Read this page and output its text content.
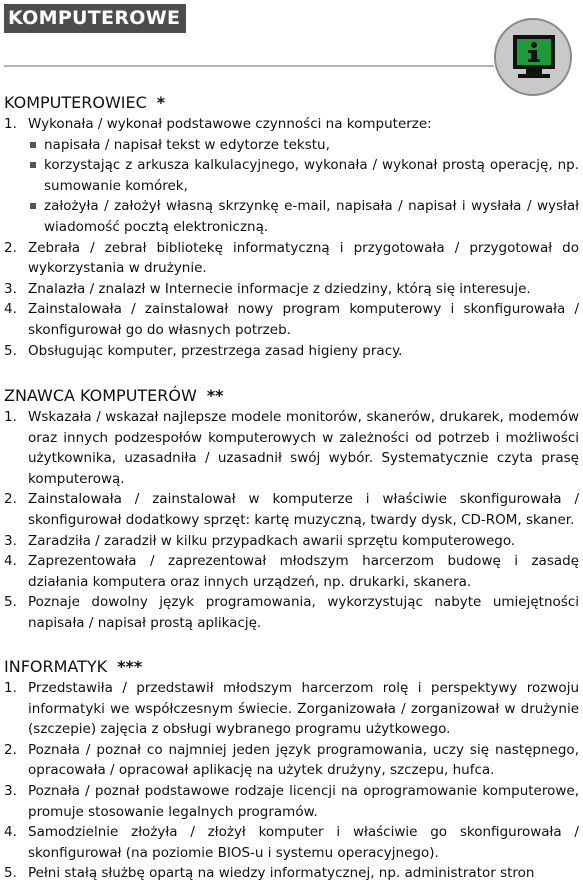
KOMPUTEROWE
KOMPUTEROWIEC *
1. Wykonała / wykonał podstawowe czynności na komputerze:
napisała / napisał tekst w edytorze tekstu,
korzystając z arkusza kalkulacyjnego, wykonała / wykonał prostą operację, np. sumowanie komórek,
założyła / założył własną skrzynkę e-mail, napisała / napisał i wysłała / wysłał wiadomość pocztą elektroniczną.
2. Zebrała / zebrał bibliotekę informatyczną i przygotowała / przygotował do wykorzystania w drużynie.
3. Znalazła / znalazł w Internecie informacje z dziedziny, którą się interesuje.
4. Zainstalowała / zainstalował nowy program komputerowy i skonfigurowała / skonfigurował go do własnych potrzeb.
5. Obsługując komputer, przestrzega zasad higieny pracy.
ZNAWCA KOMPUTERÓW **
1. Wskazała / wskazał najlepsze modele monitorów, skanerów, drukarek, modemów oraz innych podzespołów komputerowych w zależności od potrzeb i możliwości użytkownika, uzasadniła / uzasadnił swój wybór. Systematycznie czyta prasę komputerową.
2. Zainstalowała / zainstalował w komputerze i właściwie skonfigurowała / skonfigurował dodatkowy sprzęt: kartę muzyczną, twardy dysk, CD-ROM, skaner.
3. Zaradziła / zaradził w kilku przypadkach awarii sprzętu komputerowego.
4. Zaprezentowała / zaprezentował młodszym harcerzom budowę i zasadę działania komputera oraz innych urządzeń, np. drukarki, skanera.
5. Poznaje dowolny język programowania, wykorzystując nabyte umiejętności napisała / napisał prostą aplikację.
INFORMATYK ***
1. Przedstawiła / przedstawił młodszym harcerzom rolę i perspektywy rozwoju informatyki we współczesnym świecie. Zorganizowała / zorganizował w drużynie (szczepie) zajęcia z obsługi wybranego programu użytkowego.
2. Poznała / poznał co najmniej jeden język programowania, uczy się następnego, opracowała / opracował aplikację na użytek drużyny, szczepu, hufca.
3. Poznała / poznał podstawowe rodzaje licencji na oprogramowanie komputerowe, promuje stosowanie legalnych programów.
4. Samodzielnie złożyła / złożył komputer i właściwie go skonfigurowała / skonfigurował (na poziomie BIOS-u i systemu operacyjnego).
5. Pełni stałą służbę opartą na wiedzy informatycznej, np. administrator stron
